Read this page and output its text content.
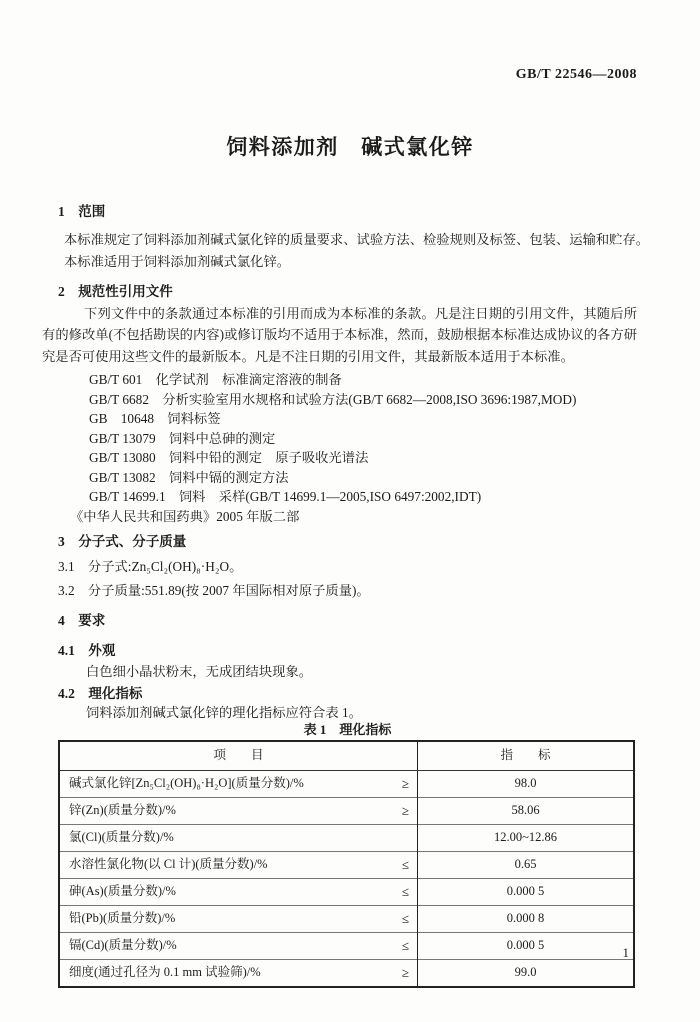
GB/T 22546—2008
饲料添加剂　碱式氯化锌
1　范围

本标准规定了饲料添加剂碱式氯化锌的质量要求、试验方法、检验规则及标签、包装、运输和贮存。

本标准适用于饲料添加剂碱式氯化锌。

2　规范性引用文件

下列文件中的条款通过本标准的引用而成为本标准的条款。凡是注日期的引用文件，其随后所有的修改单(不包括勘误的内容)或修订版均不适用于本标准，然而，鼓励根据本标准达成协议的各方研究是否可使用这些文件的最新版本。凡是不注日期的引用文件，其最新版本适用于本标准。

GB/T 601　化学试剂　标准滴定溶液的制备
GB/T 6682　分析实验室用水规格和试验方法(GB/T 6682—2008,ISO 3696:1987,MOD)
GB　10648　饲料标签
GB/T 13079　饲料中总砷的测定
GB/T 13080　饲料中铅的测定　原子吸收光谱法
GB/T 13082　饲料中镉的测定方法
GB/T 14699.1　饲料　采样(GB/T 14699.1—2005,ISO 6497:2002,IDT)
《中华人民共和国药典》2005 年版二部
3　分子式、分子质量

3.1　分子式:Zn₅Cl₂(OH)₈·H₂O。

3.2　分子质量:551.89(按 2007 年国际相对原子质量)。

4　要求
4.1　外观

白色细小晶状粉末，无成团结块现象。

4.2　理化指标

饲料添加剂碱式氯化锌的理化指标应符合表 1。

表 1　理化指标
项　　目	指　　标

碱式氯化锌[Zn₅Cl₂(OH)₈·H₂O](质量分数)/% ≥	98.0

锌(Zn)(质量分数)/% ≥	58.06

氯(Cl)(质量分数)/%	12.00~12.86

水溶性氯化物(以 Cl 计)(质量分数)/% ≤	0.65

砷(As)(质量分数)/% ≤	0.000 5

铅(Pb)(质量分数)/% ≤	0.000 8

镉(Cd)(质量分数)/% ≤	0.000 5

细度(通过孔径为 0.1 mm 试验筛)/% ≥	99.0
1
